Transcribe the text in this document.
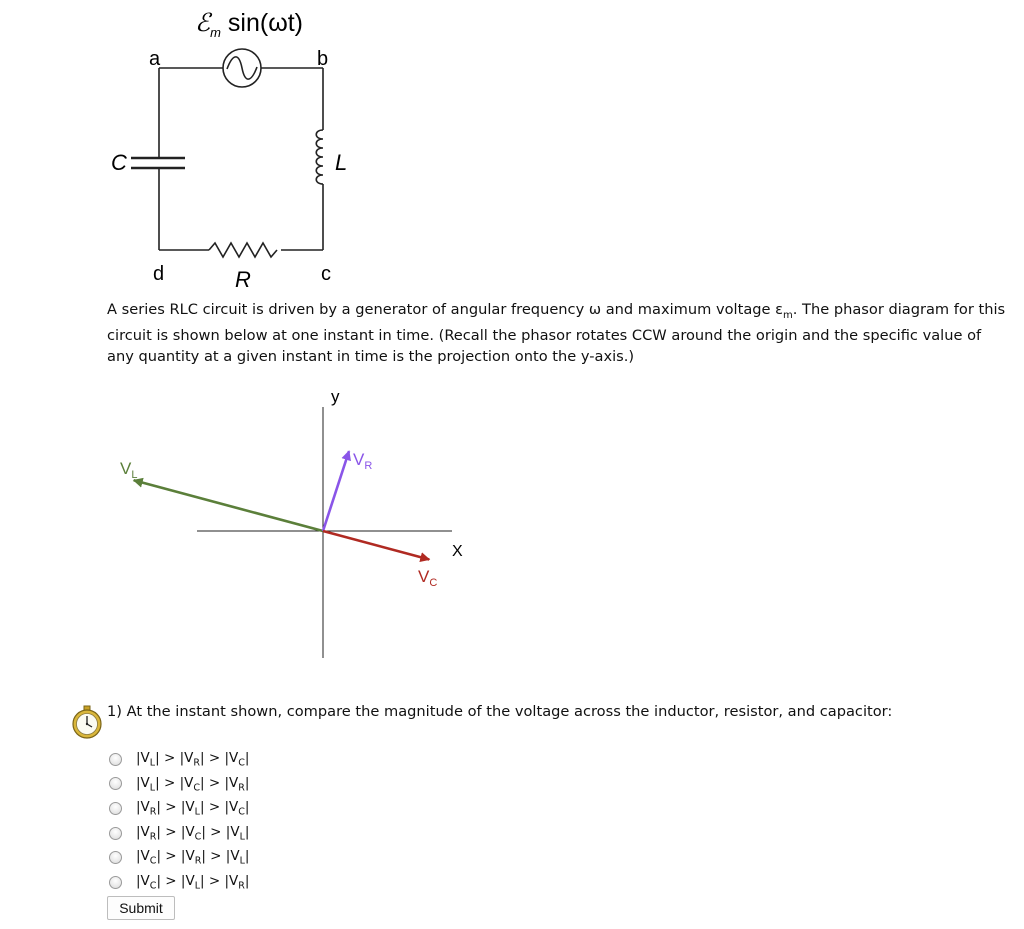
ℰ$_m$ sin(ωt)
a	b
c
d
C	L
R
A series RLC circuit is driven by a generator of angular frequency ω and maximum voltage $\varepsilon_m$. The phasor diagram for this circuit is shown below at one instant in time. (Recall the phasor rotates CCW around the origin and the specific value of any quantity at a given instant in time is the projection onto the y-axis.)
y
X
$V_L$
$V_R$
$V_C$
1) At the instant shown, compare the magnitude of the voltage across the inductor, resistor, and capacitor:
$|V_L| > |V_R| > |V_C|$
$|V_L| > |V_C| > |V_R|$
$|V_R| > |V_L| > |V_C|$
$|V_R| > |V_C| > |V_L|$
$|V_C| > |V_R| > |V_L|$
$|V_C| > |V_L| > |V_R|$
Submit
